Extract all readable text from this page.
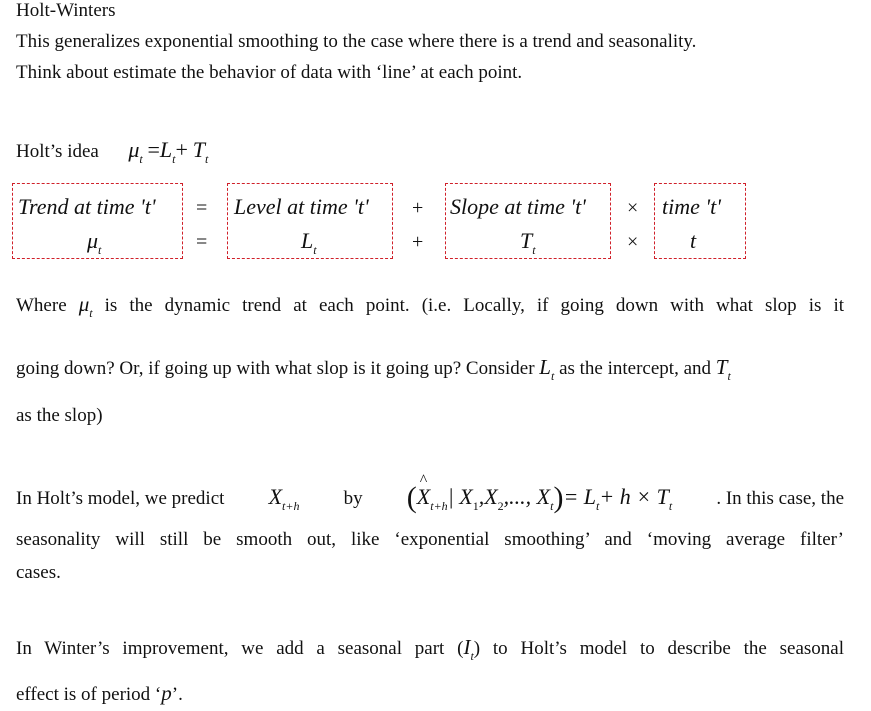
Holt-Winters
This generalizes exponential smoothing to the case where there is a trend and seasonality.
Think about estimate the behavior of data with ‘line’ at each point.
Holt’s idea $\mu_t =L_t+ T_t$
Trend at time 't' = Level at time 't' + Slope at time 't' × time 't'
$\mu_t$	=	$L_t$	+	$T_t$	× t
Where $\mu_t$ is the dynamic trend at each point. (i.e. Locally, if going down with what slop is it
going down? Or, if going up with what slop is it going up? Consider $L_t$ as the intercept, and $T_t$
as the slop)
In Holt’s model, we predict $X_{t+h}$ by (X
^
$_{t+h}$| $X_1,X_2$,..., $X_t)= L_t+ h \times T_t$ . In this case, the
seasonality will still be smooth out, like ‘exponential smoothing’ and ‘moving average filter’
cases.
In Winter’s improvement, we add a seasonal part $(I_t)$ to Holt’s model to describe the seasonal
effect is of period ‘p’.
